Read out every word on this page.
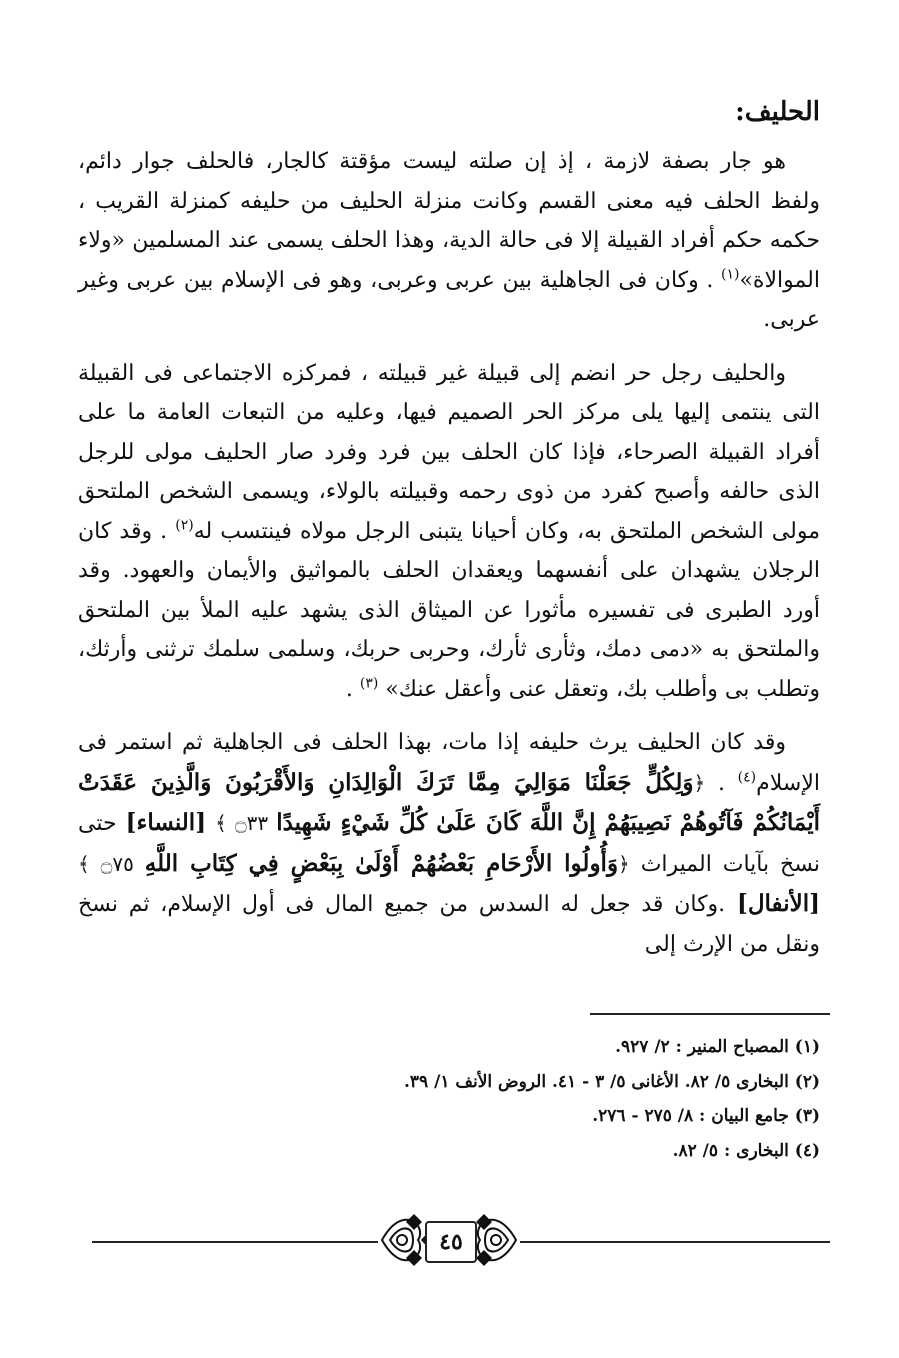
الحليف:

هو جار بصفة لازمة ، إذ إن صلته ليست مؤقتة كالجار، فالحلف جوار دائم، ولفظ الحلف فيه معنى القسم وكانت منزلة الحليف من حليفه كمنزلة القريب ، حكمه حكم أفراد القبيلة إلا فى حالة الدية، وهذا الحلف يسمى عند المسلمين «ولاء الموالاة»$^{(١)}$ . وكان فى الجاهلية بين عربى وعربى، وهو فى الإسلام بين عربى وغير عربى.

والحليف رجل حر انضم إلى قبيلة غير قبيلته ، فمركزه الاجتماعى فى القبيلة التى ينتمى إليها يلى مركز الحر الصميم فيها، وعليه من التبعات العامة ما على أفراد القبيلة الصرحاء، فإذا كان الحلف بين فرد وفرد صار الحليف مولى للرجل الذى حالفه وأصبح كفرد من ذوى رحمه وقبيلته بالولاء، ويسمى الشخص الملتحق مولى الشخص الملتحق به، وكان أحيانا يتبنى الرجل مولاه فينتسب له$^{(٢)}$ . وقد كان الرجلان يشهدان على أنفسهما ويعقدان الحلف بالمواثيق والأيمان والعهود. وقد أورد الطبرى فى تفسيره مأثورا عن الميثاق الذى يشهد عليه الملأ بين الملتحق والملتحق به «دمى دمك، وثأرى ثأرك، وحربى حربك، وسلمى سلمك ترثنى وأرثك، وتطلب بى وأطلب بك، وتعقل عنى وأعقل عنك» $^{(٣)}$ .

وقد كان الحليف يرث حليفه إذا مات، بهذا الحلف فى الجاهلية ثم استمر فى الإسلام$^{(٤)}$ . ﴿وَلِكُلٍّ جَعَلْنَا مَوَالِيَ مِمَّا تَرَكَ الْوَالِدَانِ وَالأَقْرَبُونَ وَالَّذِينَ عَقَدَتْ أَيْمَانُكُمْ فَآتُوهُمْ نَصِيبَهُمْ إِنَّ اللَّهَ كَانَ عَلَىٰ كُلِّ شَيْءٍ شَهِيدًا ۝٣٣ ﴾ [النساء] حتى نسخ بآيات الميراث ﴿وَأُولُوا الأَرْحَامِ بَعْضُهُمْ أَوْلَىٰ بِبَعْضٍ فِي كِتَابِ اللَّهِ ۝٧٥ ﴾ [الأنفال] .وكان قد جعل له السدس من جميع المال فى أول الإسلام، ثم نسخ ونقل من الإرث إلى

(١) المصباح المنير : ٢/ ٩٢٧.
(٢) البخارى ٥/ ٨٢. الأغانى ٥/ ٣ - ٤١. الروض الأنف ١/ ٣٩.
(٣) جامع البيان : ٨/ ٢٧٥ - ٢٧٦.
(٤) البخارى : ٥/ ٨٢.
٤٥
